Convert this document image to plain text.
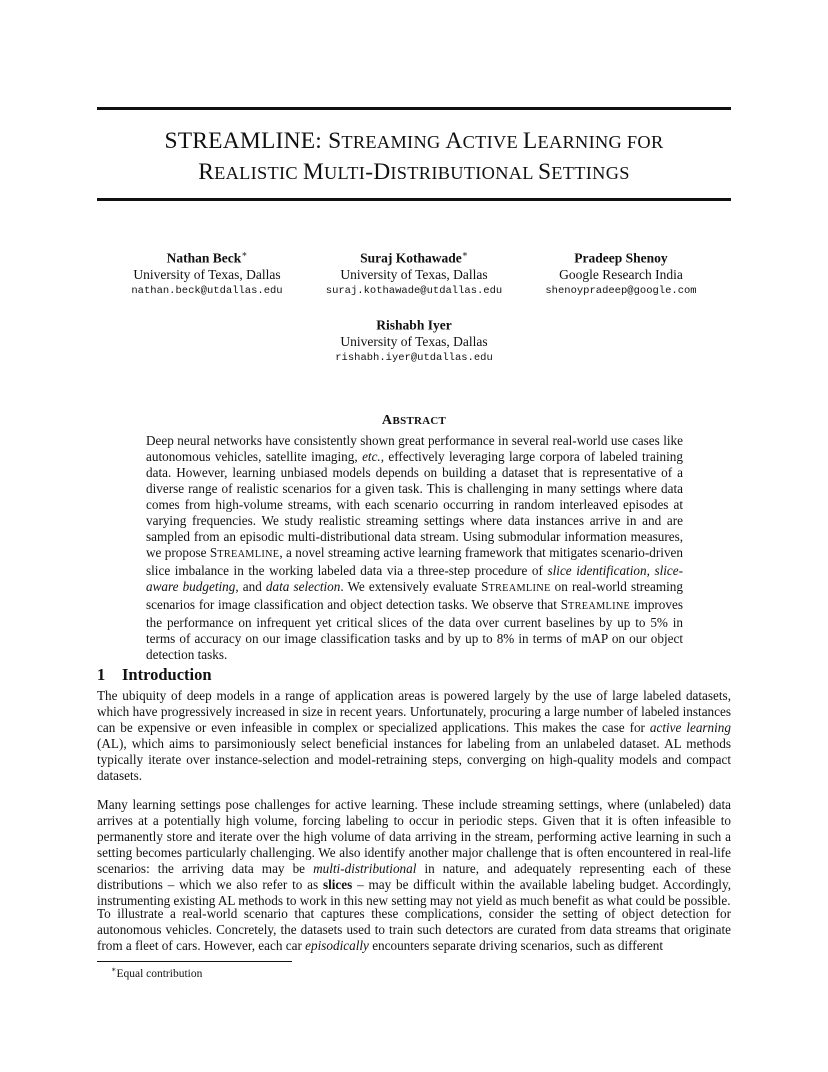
STREAMLINE: STREAMING ACTIVE LEARNING FOR
REALISTIC MULTI-DISTRIBUTIONAL SETTINGS
Nathan Beck∗
University of Texas, Dallas
nathan.beck@utdallas.edu
Suraj Kothawade∗
University of Texas, Dallas
suraj.kothawade@utdallas.edu
Pradeep Shenoy
Google Research India
shenoypradeep@google.com
Rishabh Iyer
University of Texas, Dallas
rishabh.iyer@utdallas.edu
ABSTRACT
Deep neural networks have consistently shown great performance in several real-world use cases like autonomous vehicles, satellite imaging, etc., effectively leveraging large corpora of labeled training data. However, learning unbiased models depends on building a dataset that is representative of a diverse range of realistic scenarios for a given task. This is challenging in many settings where data comes from high-volume streams, with each scenario occurring in random interleaved episodes at varying frequencies. We study realistic streaming settings where data instances arrive in and are sampled from an episodic multi-distributional data stream. Using submodular information measures, we propose STREAMLINE, a novel streaming active learning framework that mitigates scenario-driven slice imbalance in the working labeled data via a three-step procedure of slice identification, slice-aware budgeting, and data selection. We extensively evaluate STREAMLINE on real-world streaming scenarios for image classification and object detection tasks. We observe that STREAMLINE improves the performance on infrequent yet critical slices of the data over current baselines by up to 5% in terms of accuracy on our image classification tasks and by up to 8% in terms of mAP on our object detection tasks.
1 Introduction

The ubiquity of deep models in a range of application areas is powered largely by the use of large labeled datasets, which have progressively increased in size in recent years. Unfortunately, procuring a large number of labeled instances can be expensive or even infeasible in complex or specialized applications. This makes the case for active learning (AL), which aims to parsimoniously select beneficial instances for labeling from an unlabeled dataset. AL methods typically iterate over instance-selection and model-retraining steps, converging on high-quality models and compact datasets.

Many learning settings pose challenges for active learning. These include streaming settings, where (unlabeled) data arrives at a potentially high volume, forcing labeling to occur in periodic steps. Given that it is often infeasible to permanently store and iterate over the high volume of data arriving in the stream, performing active learning in such a setting becomes particularly challenging. We also identify another major challenge that is often encountered in real-life scenarios: the arriving data may be multi-distributional in nature, and adequately representing each of these distributions – which we also refer to as slices – may be difficult within the available labeling budget. Accordingly, instrumenting existing AL methods to work in this new setting may not yield as much benefit as what could be possible.

To illustrate a real-world scenario that captures these complications, consider the setting of object detection for autonomous vehicles. Concretely, the datasets used to train such detectors are curated from data streams that originate from a fleet of cars. However, each car episodically encounters separate driving scenarios, such as different

∗Equal contribution
